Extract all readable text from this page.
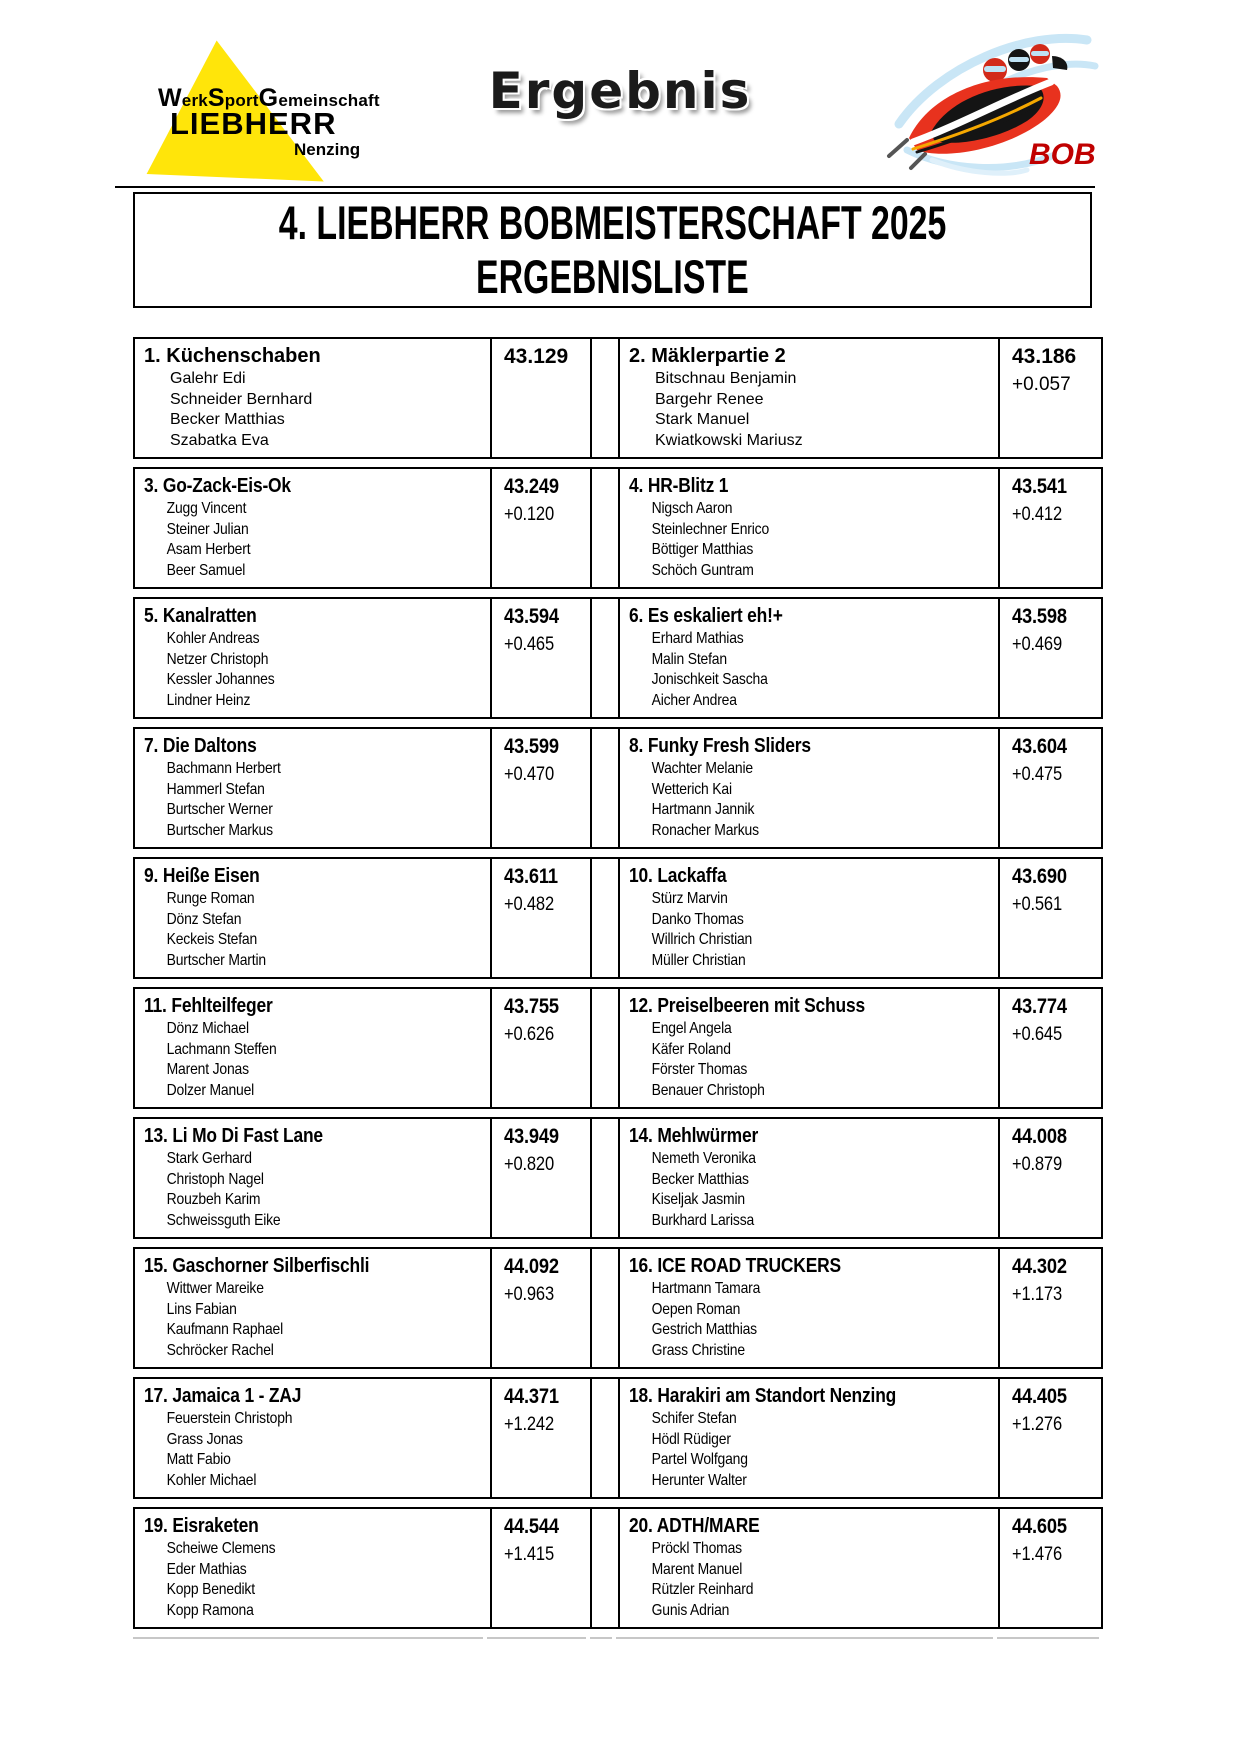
WerkSportGemeinschaft
LIEBHERR
Nenzing
Ergebnis
BOB
4. LIEBHERR BOBMEISTERSCHAFT 2025
ERGEBNISLISTE
1. Küchenschaben
Galehr Edi
Schneider Bernhard
Becker Matthias
Szabatka Eva
43.129	2. Mäklerpartie 2
Bitschnau Benjamin
Bargehr Renee
Stark Manuel
Kwiatkowski Mariusz
43.186
+0.057
3. Go-Zack-Eis-Ok
Zugg Vincent
Steiner Julian
Asam Herbert
Beer Samuel
43.249
+0.120
4. HR-Blitz 1
Nigsch Aaron
Steinlechner Enrico
Böttiger Matthias
Schöch Guntram
43.541
+0.412
5. Kanalratten
Kohler Andreas
Netzer Christoph
Kessler Johannes
Lindner Heinz
43.594
+0.465
6. Es eskaliert eh!+
Erhard Mathias
Malin Stefan
Jonischkeit Sascha
Aicher Andrea
43.598
+0.469
7. Die Daltons
Bachmann Herbert
Hammerl Stefan
Burtscher Werner
Burtscher Markus
43.599
+0.470
8. Funky Fresh Sliders
Wachter Melanie
Wetterich Kai
Hartmann Jannik
Ronacher Markus
43.604
+0.475
9. Heiße Eisen
Runge Roman
Dönz Stefan
Keckeis Stefan
Burtscher Martin
43.611
+0.482
10. Lackaffa
Stürz Marvin
Danko Thomas
Willrich Christian
Müller Christian
43.690
+0.561
11. Fehlteilfeger
Dönz Michael
Lachmann Steffen
Marent Jonas
Dolzer Manuel
43.755
+0.626
12. Preiselbeeren mit Schuss
Engel Angela
Käfer Roland
Förster Thomas
Benauer Christoph
43.774
+0.645
13. Li Mo Di Fast Lane
Stark Gerhard
Christoph Nagel
Rouzbeh Karim
Schweissguth Eike
43.949
+0.820
14. Mehlwürmer
Nemeth Veronika
Becker Matthias
Kiseljak Jasmin
Burkhard Larissa
44.008
+0.879
15. Gaschorner Silberfischli
Wittwer Mareike
Lins Fabian
Kaufmann Raphael
Schröcker Rachel
44.092
+0.963
16. ICE ROAD TRUCKERS
Hartmann Tamara
Oepen Roman
Gestrich Matthias
Grass Christine
44.302
+1.173
17. Jamaica 1 - ZAJ
Feuerstein Christoph
Grass Jonas
Matt Fabio
Kohler Michael
44.371
+1.242
18. Harakiri am Standort Nenzing
Schifer Stefan
Hödl Rüdiger
Partel Wolfgang
Herunter Walter
44.405
+1.276
19. Eisraketen
Scheiwe Clemens
Eder Mathias
Kopp Benedikt
Kopp Ramona
44.544
+1.415
20. ADTH/MARE
Pröckl Thomas
Marent Manuel
Rützler Reinhard
Gunis Adrian
44.605
+1.476
